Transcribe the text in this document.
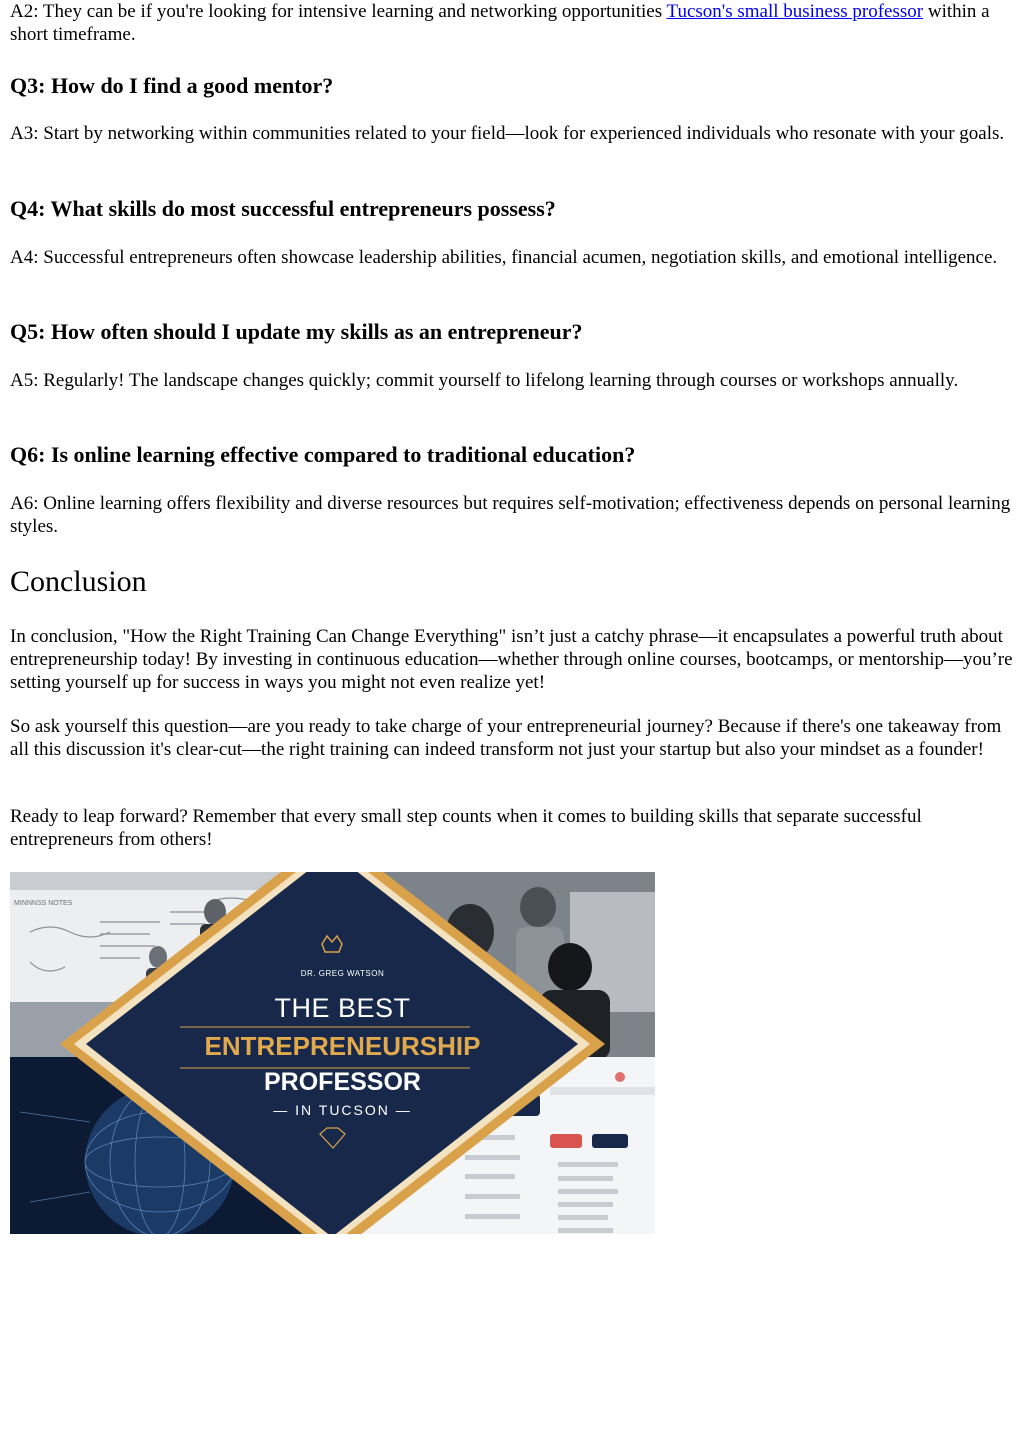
A2: They can be if you're looking for intensive learning and networking opportunities Tucson's small business professor within a short timeframe.

Q3: How do I find a good mentor?

A3: Start by networking within communities related to your field—look for experienced individuals who resonate with your goals.

Q4: What skills do most successful entrepreneurs possess?

A4: Successful entrepreneurs often showcase leadership abilities, financial acumen, negotiation skills, and emotional intelligence.

Q5: How often should I update my skills as an entrepreneur?

A5: Regularly! The landscape changes quickly; commit yourself to lifelong learning through courses or workshops annually.

Q6: Is online learning effective compared to traditional education?

A6: Online learning offers flexibility and diverse resources but requires self-motivation; effectiveness depends on personal learning styles.

Conclusion

In conclusion, "How the Right Training Can Change Everything" isn’t just a catchy phrase—it encapsulates a powerful truth about entrepreneurship today! By investing in continuous education—whether through online courses, bootcamps, or mentorship—you’re setting yourself up for success in ways you might not even realize yet!

So ask yourself this question—are you ready to take charge of your entrepreneurial journey? Because if there's one takeaway from all this discussion it's clear-cut—the right training can indeed transform not just your startup but also your mindset as a founder!

Ready to leap forward? Remember that every small step counts when it comes to building skills that separate successful entrepreneurs from others!

DR. GREG WATSON
THE BEST
ENTREPRENEURSHIP
PROFESSOR
— IN TUCSON —
MINNNSS NOTES
